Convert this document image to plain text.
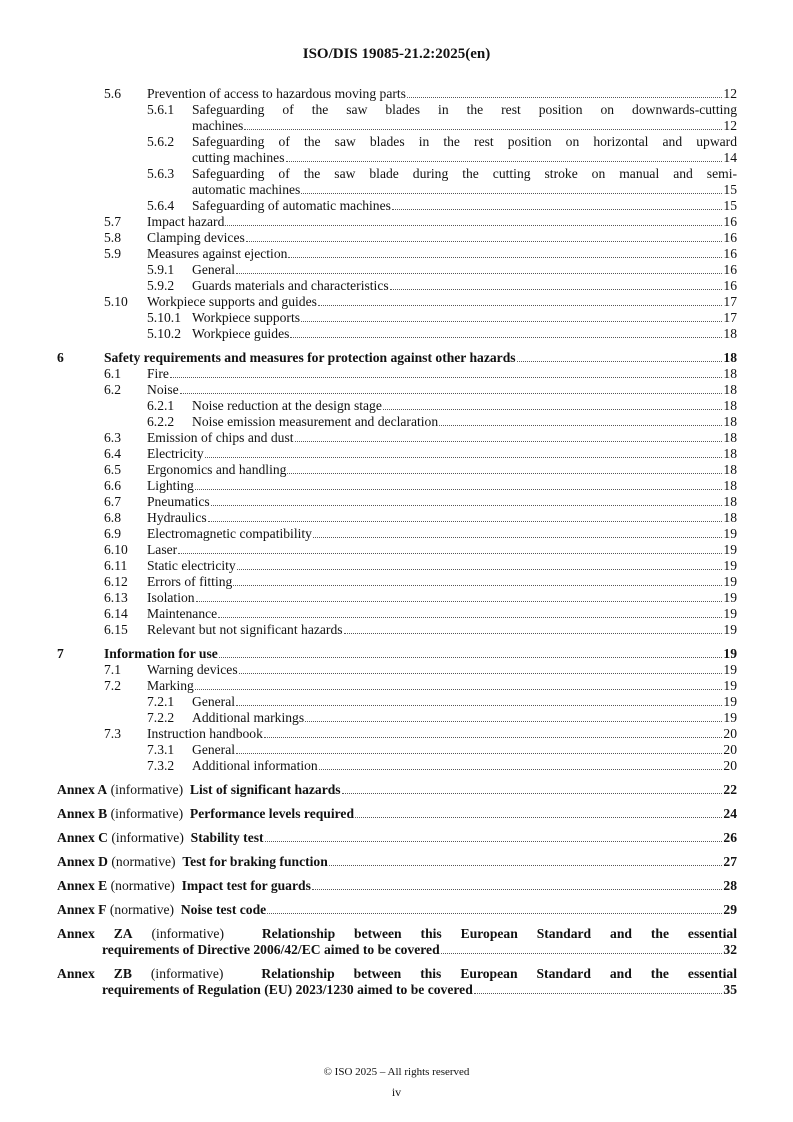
ISO/DIS 19085-21.2:2025(en)
5.6 Prevention of access to hazardous moving parts	12
5.6.1 Safeguarding of the saw blades in the rest position on downwards-cutting
machines	12
5.6.2 Safeguarding of the saw blades in the rest position on horizontal and upward
cutting machines	14
5.6.3 Safeguarding of the saw blade during the cutting stroke on manual and semi-
automatic machines	15
5.6.4 Safeguarding of automatic machines	15
5.7 Impact hazard	16
5.8 Clamping devices	16
5.9 Measures against ejection	16
5.9.1 General	16
5.9.2 Guards materials and characteristics	16
5.10 Workpiece supports and guides	17
5.10.1 Workpiece supports	17
5.10.2 Workpiece guides	18
6	Safety requirements and measures for protection against other hazards	18
6.1 Fire	18
6.2 Noise	18
6.2.1 Noise reduction at the design stage	18
6.2.2 Noise emission measurement and declaration	18
6.3 Emission of chips and dust	18
6.4 Electricity	18
6.5 Ergonomics and handling	18
6.6 Lighting	18
6.7 Pneumatics	18
6.8 Hydraulics	18
6.9 Electromagnetic compatibility	19
6.10 Laser	19
6.11 Static electricity	19
6.12 Errors of fitting	19
6.13 Isolation	19
6.14 Maintenance	19
6.15 Relevant but not significant hazards	19
7	Information for use	19
7.1 Warning devices	19
7.2 Marking	19
7.2.1 General	19
7.2.2 Additional markings	19
7.3 Instruction handbook	20
7.3.1 General	20
7.3.2 Additional information	20
Annex A
(informative)
List of significant hazards	22
Annex B
(informative)
Performance levels required	24
Annex C
(informative)
Stability test	26
Annex D
(normative)
Test for braking function	27
Annex E
(normative)
Impact test for guards	28
Annex F
(normative)
Noise test code	29
Annex ZA (informative)	Relationship between this European Standard and the essential
requirements of Directive 2006/42/EC aimed to be covered	32
Annex ZB (informative)	Relationship between this European Standard and the essential
requirements of Regulation (EU) 2023/1230 aimed to be covered	35
© ISO 2025 – All rights reserved
iv
